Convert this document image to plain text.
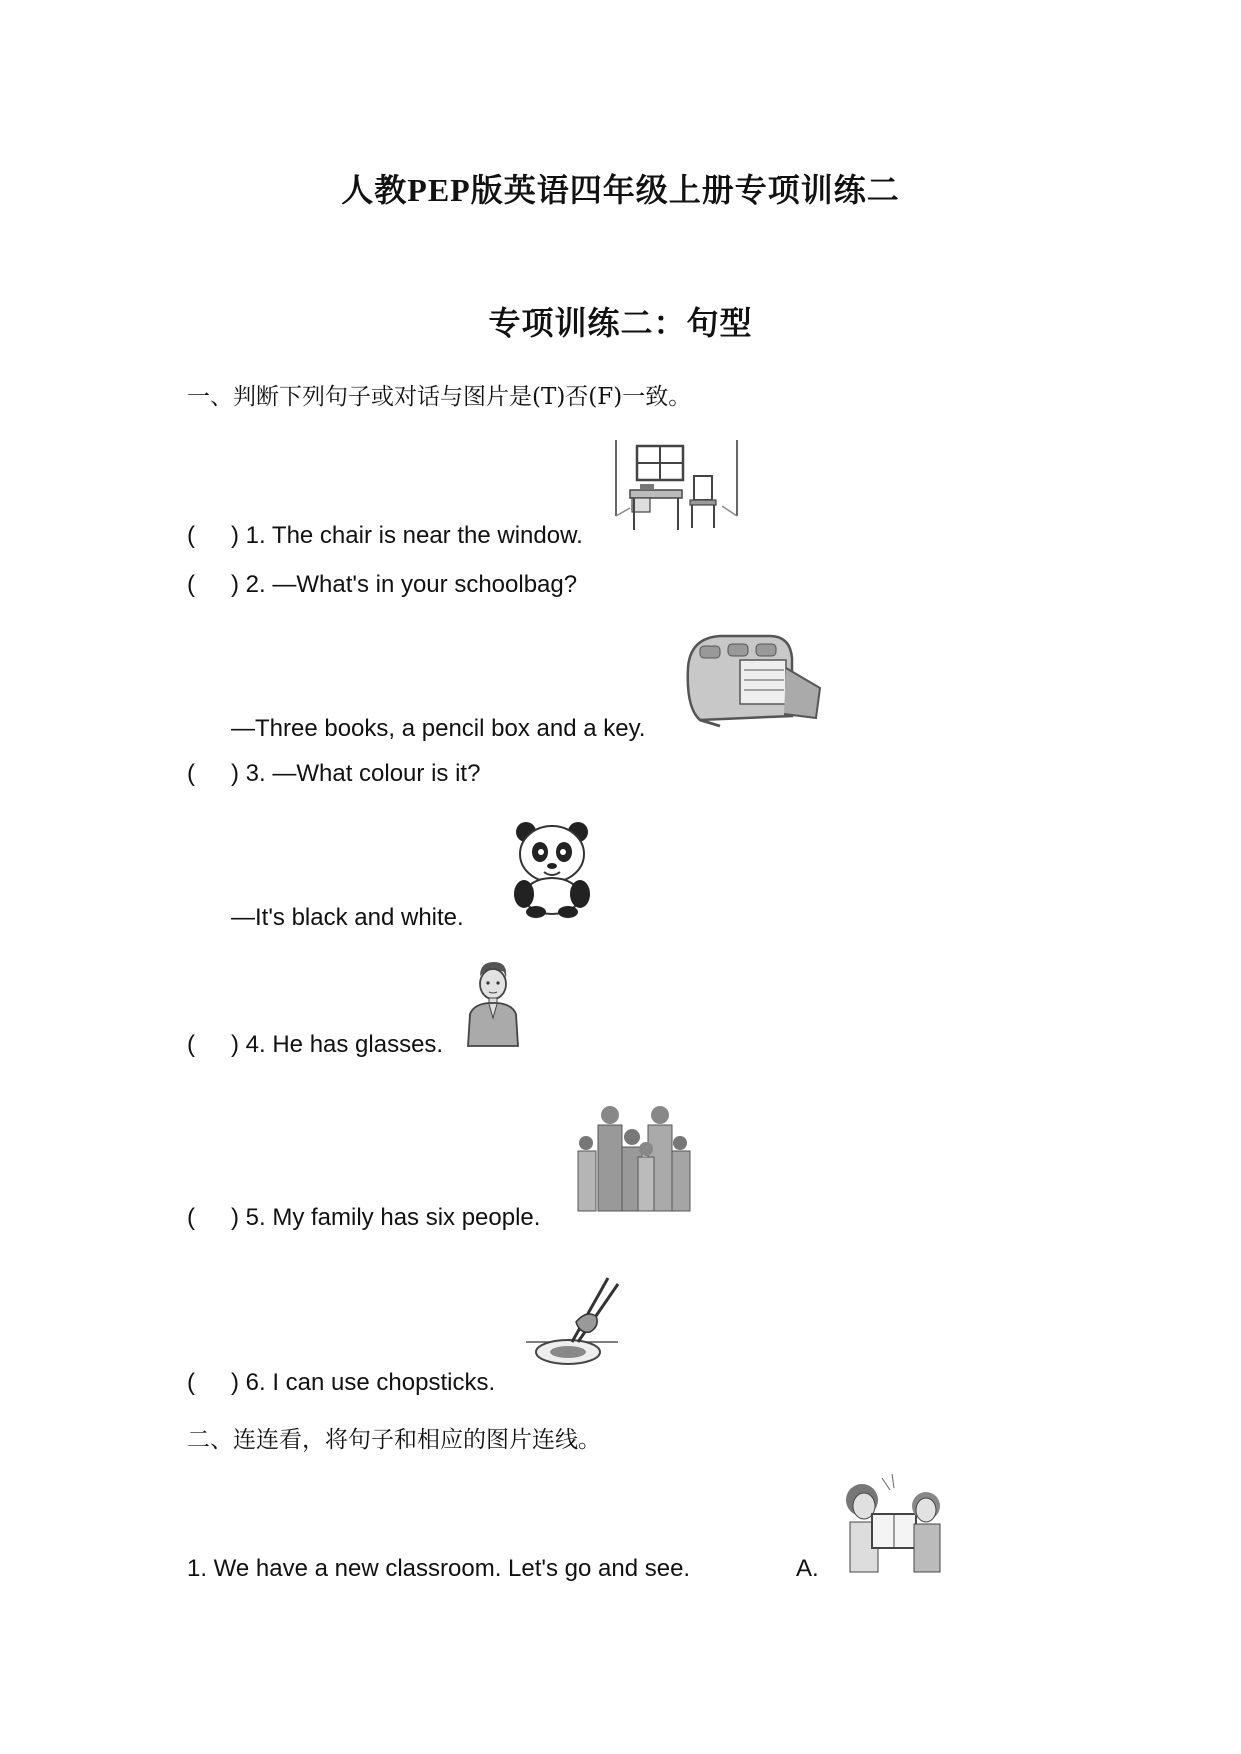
人教PEP版英语四年级上册专项训练二
专项训练二：句型
一、判断下列句子或对话与图片是(T)否(F)一致。
( ) 1. The chair is near the window.
( ) 2. —What's in your schoolbag?
—Three books, a pencil box and a key.
( ) 3. —What colour is it?
—It's black and white.
( ) 4. He has glasses.
( ) 5. My family has six people.
( ) 6. I can use chopsticks.
二、连连看，将句子和相应的图片连线。
1. We have a new classroom. Let's go and see.	A.
